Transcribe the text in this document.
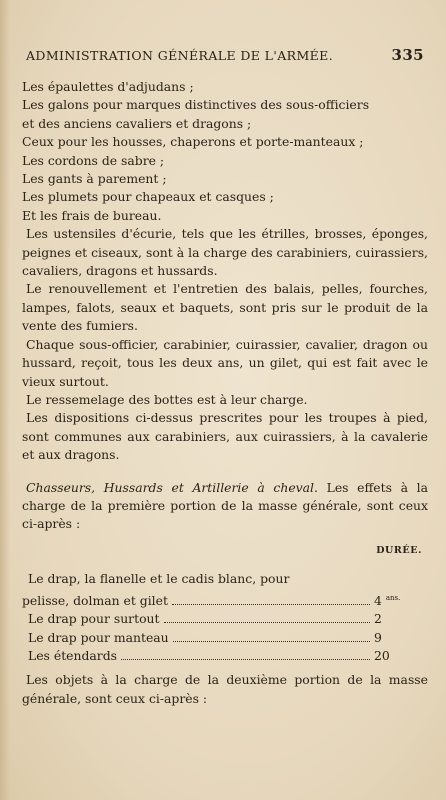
ADMINISTRATION GÉNÉRALE DE L'ARMÉE.	335

Les épaulettes d'adjudans ;

Les galons pour marques distinctives des sous-officiers

et des anciens cavaliers et dragons ;

Ceux pour les housses, chaperons et porte-manteaux ;

Les cordons de sabre ;

Les gants à parement ;

Les plumets pour chapeaux et casques ;

Et les frais de bureau.

Les ustensiles d'écurie, tels que les étrilles, brosses, éponges, peignes et ciseaux, sont à la charge des carabiniers, cuirassiers, cavaliers, dragons et hussards.

Le renouvellement et l'entretien des balais, pelles, fourches, lampes, falots, seaux et baquets, sont pris sur le produit de la vente des fumiers.

Chaque sous-officier, carabinier, cuirassier, cavalier, dragon ou hussard, reçoit, tous les deux ans, un gilet, qui est fait avec le vieux surtout.

Le ressemelage des bottes est à leur charge.

Les dispositions ci-dessus prescrites pour les troupes à pied, sont communes aux carabiniers, aux cuirassiers, à la cavalerie et aux dragons.

Chasseurs, Hussards et Artillerie à cheval. Les effets à la charge de la première portion de la masse générale, sont ceux ci-après :

DURÉE.

Le drap, la flanelle et le cadis blanc, pour

pelisse, dolman et gilet	4 $^{ans.}$
Le drap pour surtout	2
Le drap pour manteau	9
Les étendards	20

Les objets à la charge de la deuxième portion de la masse générale, sont ceux ci-après :
